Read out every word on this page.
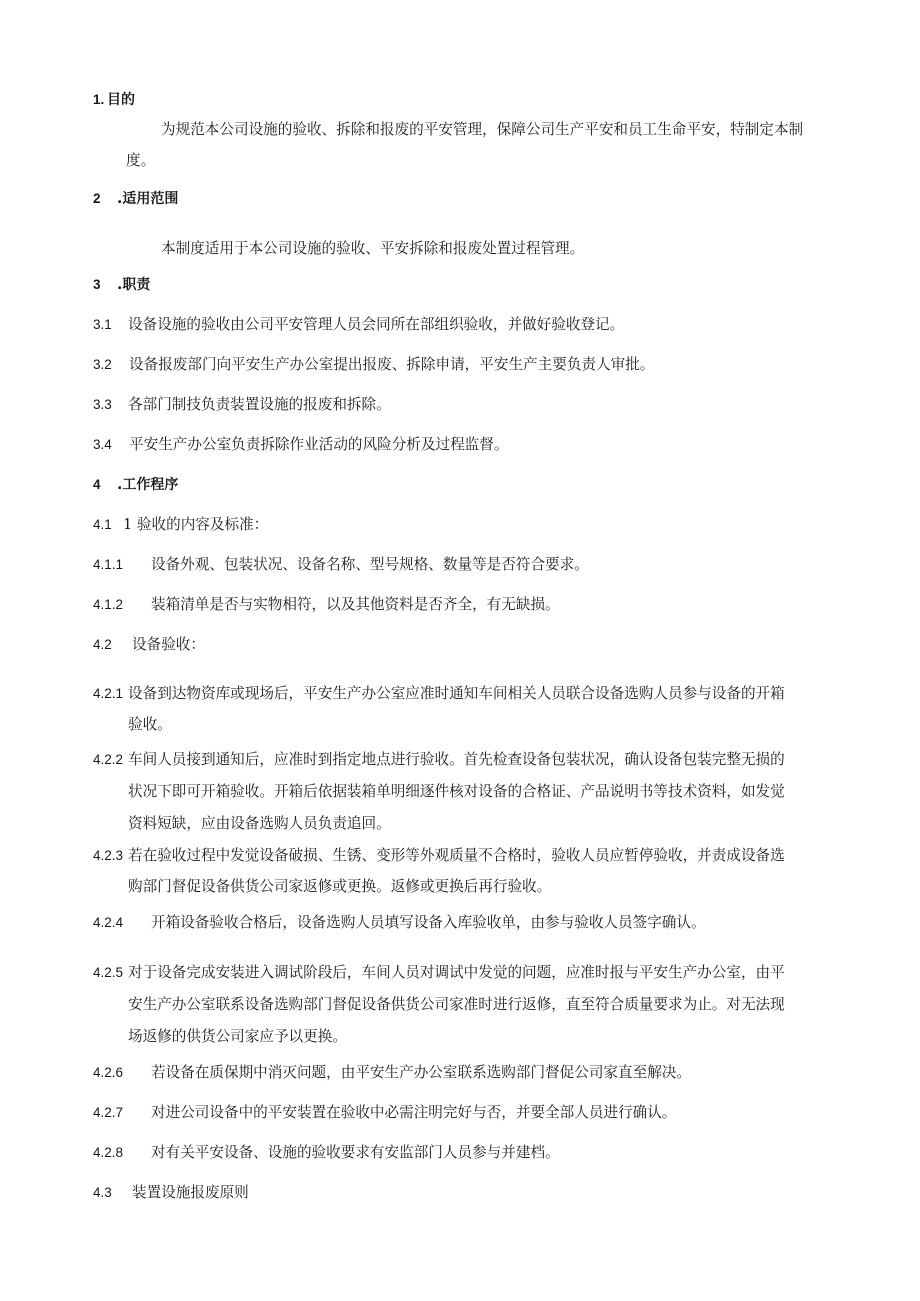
1. 目的
为规范本公司设施的验收、拆除和报废的平安管理，保障公司生产平安和员工生命平安，特制定本制
度。
2 .适用范围
本制度适用于本公司设施的验收、平安拆除和报废处置过程管理。
3 .职责
3.1 设备设施的验收由公司平安管理人员会同所在部组织验收，并做好验收登记。
3.2 设备报废部门向平安生产办公室提出报废、拆除申请，平安生产主要负责人审批。
3.3 各部门制技负责装置设施的报废和拆除。
3.4 平安生产办公室负责拆除作业活动的风险分析及过程监督。
4 .工作程序
4.1 1 验收的内容及标准：
4.1.1 设备外观、包装状况、设备名称、型号规格、数量等是否符合要求。
4.1.2 装箱清单是否与实物相符，以及其他资料是否齐全，有无缺损。
4.2 设备验收：
4.2.1 设备到达物资库或现场后，平安生产办公室应准时通知车间相关人员联合设备选购人员参与设备的开箱
验收。
4.2.2 车间人员接到通知后，应准时到指定地点进行验收。首先检查设备包装状况，确认设备包装完整无损的
状况下即可开箱验收。开箱后依据装箱单明细逐件核对设备的合格证、产品说明书等技术资料，如发觉
资料短缺，应由设备选购人员负责追回。
4.2.3 若在验收过程中发觉设备破损、生锈、变形等外观质量不合格时，验收人员应暂停验收，并责成设备选
购部门督促设备供货公司家返修或更换。返修或更换后再行验收。
4.2.4 开箱设备验收合格后，设备选购人员填写设备入库验收单，由参与验收人员签字确认。
4.2.5 对于设备完成安装进入调试阶段后，车间人员对调试中发觉的问题，应准时报与平安生产办公室，由平
安生产办公室联系设备选购部门督促设备供货公司家准时进行返修，直至符合质量要求为止。对无法现
场返修的供货公司家应予以更换。
4.2.6 若设备在质保期中消灭问题，由平安生产办公室联系选购部门督促公司家直至解决。
4.2.7 对进公司设备中的平安装置在验收中必需注明完好与否，并要全部人员进行确认。
4.2.8 对有关平安设备、设施的验收要求有安监部门人员参与并建档。
4.3 装置设施报废原则
